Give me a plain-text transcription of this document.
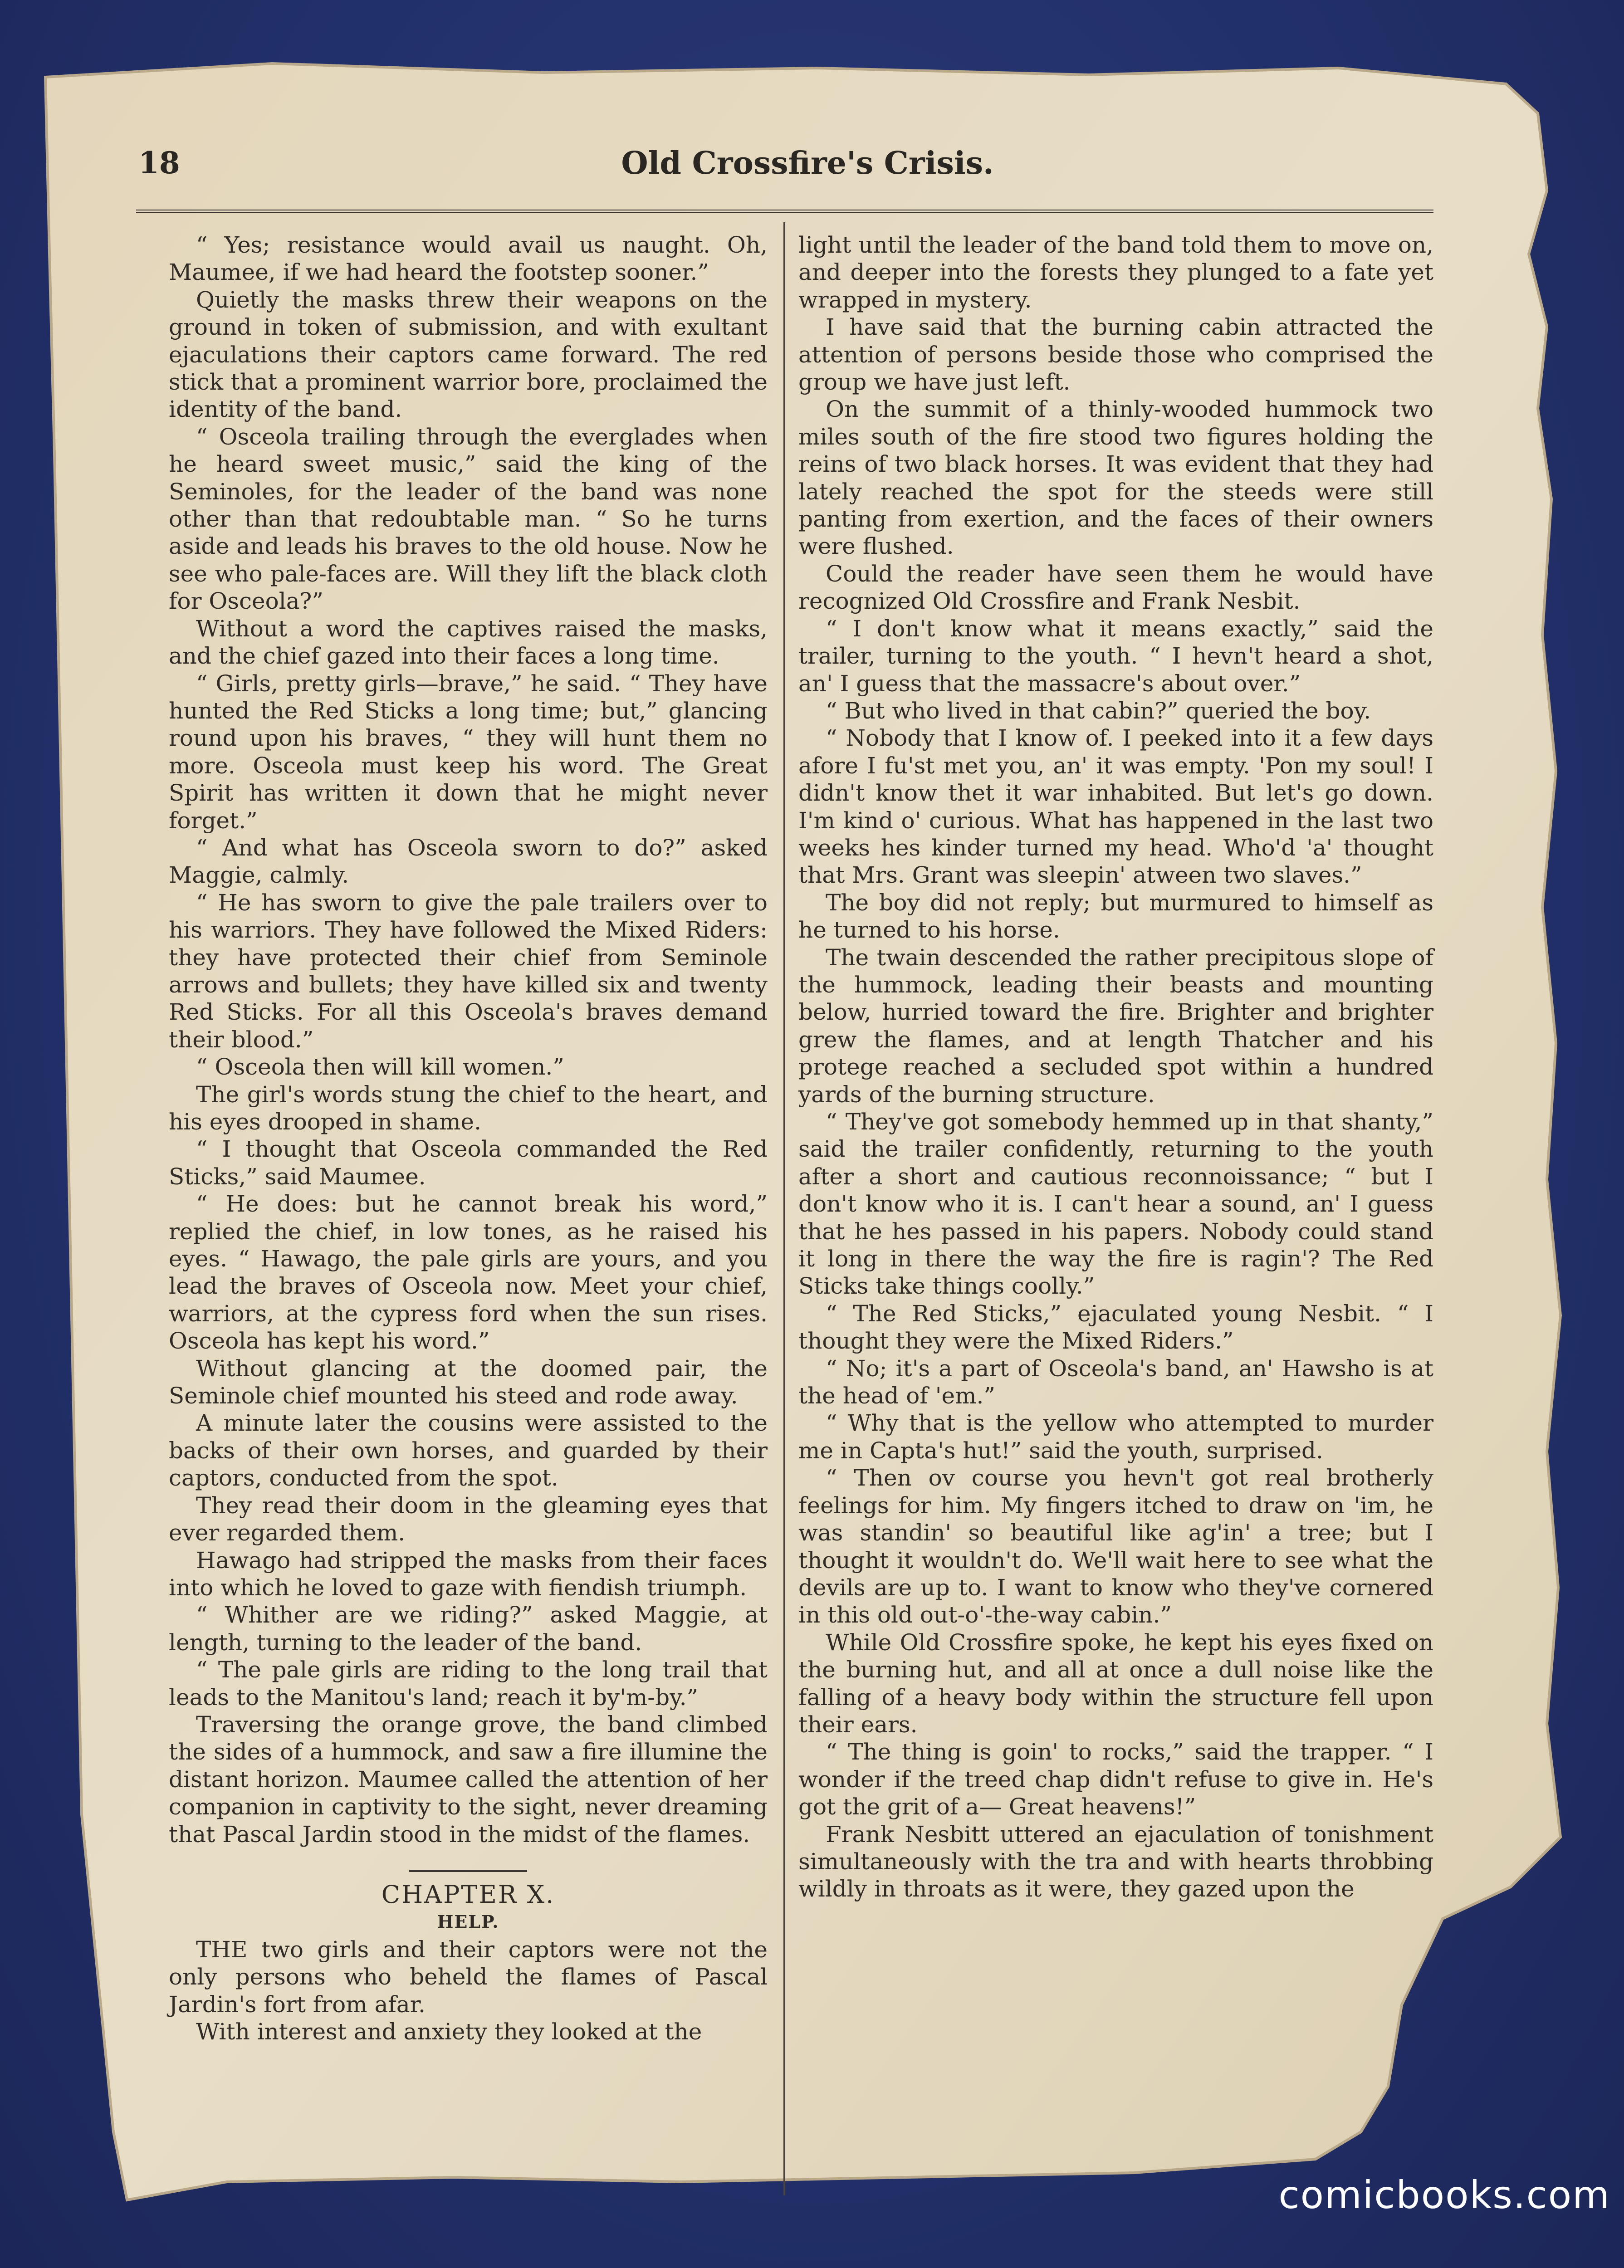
18	Old Crossfire's Crisis.

“ Yes; resistance would avail us naught. Oh, Maumee, if we had heard the footstep sooner.”

Quietly the masks threw their weapons on the ground in token of submission, and with exultant ejaculations their captors came forward. The red stick that a prominent warrior bore, proclaimed the identity of the band.

“ Osceola trailing through the everglades when he heard sweet music,” said the king of the Seminoles, for the leader of the band was none other than that redoubtable man. “ So he turns aside and leads his braves to the old house. Now he see who pale-faces are. Will they lift the black cloth for Osceola?”

Without a word the captives raised the masks, and the chief gazed into their faces a long time.

“ Girls, pretty girls—brave,” he said. “ They have hunted the Red Sticks a long time; but,” glancing round upon his braves, “ they will hunt them no more. Osceola must keep his word. The Great Spirit has written it down that he might never forget.”

“ And what has Osceola sworn to do?” asked Maggie, calmly.

“ He has sworn to give the pale trailers over to his warriors. They have followed the Mixed Riders: they have protected their chief from Seminole arrows and bullets; they have killed six and twenty Red Sticks. For all this Osceola's braves demand their blood.”

“ Osceola then will kill women.”

The girl's words stung the chief to the heart, and his eyes drooped in shame.

“ I thought that Osceola commanded the Red Sticks,” said Maumee.

“ He does: but he cannot break his word,” replied the chief, in low tones, as he raised his eyes. “ Hawago, the pale girls are yours, and you lead the braves of Osceola now. Meet your chief, warriors, at the cypress ford when the sun rises. Osceola has kept his word.”

Without glancing at the doomed pair, the Seminole chief mounted his steed and rode away.

A minute later the cousins were assisted to the backs of their own horses, and guarded by their captors, conducted from the spot.

They read their doom in the gleaming eyes that ever regarded them.

Hawago had stripped the masks from their faces into which he loved to gaze with fiendish triumph.

“ Whither are we riding?” asked Maggie, at length, turning to the leader of the band.

“ The pale girls are riding to the long trail that leads to the Manitou's land; reach it by'm-by.”

Traversing the orange grove, the band climbed the sides of a hummock, and saw a fire illumine the distant horizon. Maumee called the attention of her companion in captivity to the sight, never dreaming that Pascal Jardin stood in the midst of the flames.

CHAPTER X.

HELP.

THE two girls and their captors were not the only persons who beheld the flames of Pascal Jardin's fort from afar.

With interest and anxiety they looked at the

light until the leader of the band told them to move on, and deeper into the forests they plunged to a fate yet wrapped in mystery.

I have said that the burning cabin attracted the attention of persons beside those who comprised the group we have just left.

On the summit of a thinly-wooded hummock two miles south of the fire stood two figures holding the reins of two black horses. It was evident that they had lately reached the spot for the steeds were still panting from exertion, and the faces of their owners were flushed.

Could the reader have seen them he would have recognized Old Crossfire and Frank Nesbit.

“ I don't know what it means exactly,” said the trailer, turning to the youth. “ I hevn't heard a shot, an' I guess that the massacre's about over.”

“ But who lived in that cabin?” queried the boy.

“ Nobody that I know of. I peeked into it a few days afore I fu'st met you, an' it was empty. 'Pon my soul! I didn't know thet it war inhabited. But let's go down. I'm kind o' curious. What has happened in the last two weeks hes kinder turned my head. Who'd 'a' thought that Mrs. Grant was sleepin' atween two slaves.”

The boy did not reply; but murmured to himself as he turned to his horse.

The twain descended the rather precipitous slope of the hummock, leading their beasts and mounting below, hurried toward the fire. Brighter and brighter grew the flames, and at length Thatcher and his protege reached a secluded spot within a hundred yards of the burning structure.

“ They've got somebody hemmed up in that shanty,” said the trailer confidently, returning to the youth after a short and cautious reconnoissance; “ but I don't know who it is. I can't hear a sound, an' I guess that he hes passed in his papers. Nobody could stand it long in there the way the fire is ragin'? The Red Sticks take things coolly.”

“ The Red Sticks,” ejaculated young Nesbit. “ I thought they were the Mixed Riders.”

“ No; it's a part of Osceola's band, an' Hawsho is at the head of 'em.”

“ Why that is the yellow who attempted to murder me in Capta's hut!” said the youth, surprised.

“ Then ov course you hevn't got real brotherly feelings for him. My fingers itched to draw on 'im, he was standin' so beautiful like ag'in' a tree; but I thought it wouldn't do. We'll wait here to see what the devils are up to. I want to know who they've cornered in this old out-o'-the-way cabin.”

While Old Crossfire spoke, he kept his eyes fixed on the burning hut, and all at once a dull noise like the falling of a heavy body within the structure fell upon their ears.

“ The thing is goin' to rocks,” said the trapper. “ I wonder if the treed chap didn't refuse to give in. He's got the grit of a— Great heavens!”

Frank Nesbitt uttered an ejaculation of tonishment simultaneously with the tra and with hearts throbbing wildly in throats as it were, they gazed upon the

comicbooks.com
